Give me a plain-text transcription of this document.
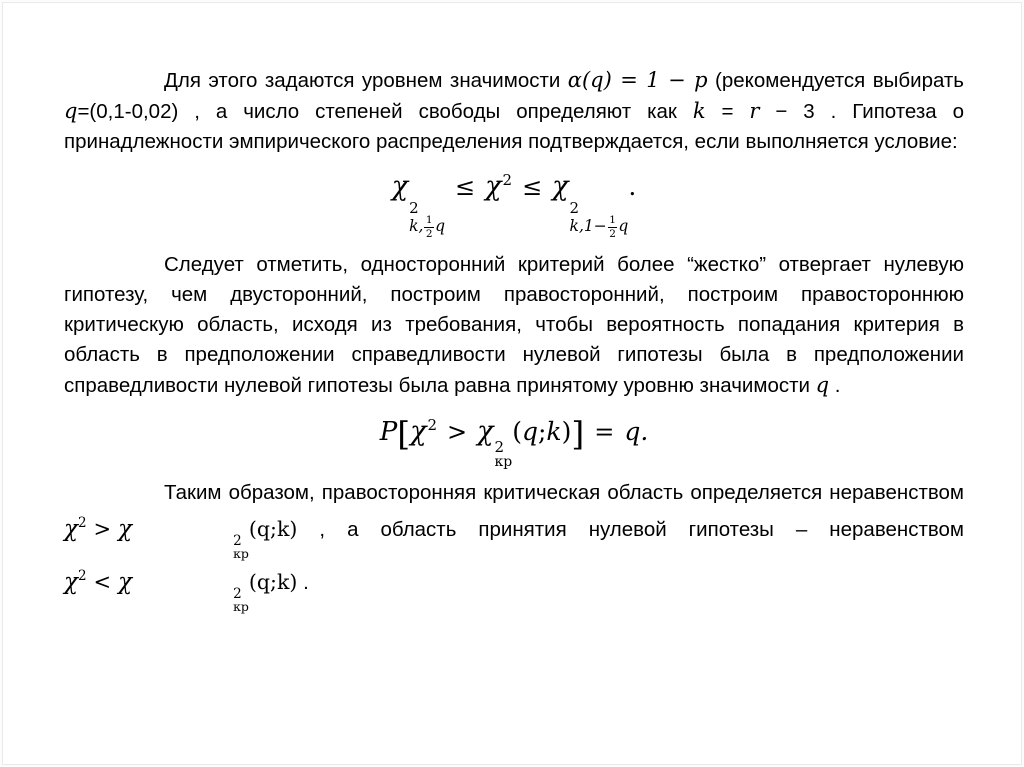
Для этого задаются уровнем значимости α(q) = 1 − p (рекомендуется выбирать q=(0,1-0,02) , а число степеней свободы определяют как k = r − 3 . Гипотеза о принадлежности эмпирического распределения подтверждается, если выполняется условие:

χ
2
k, $\frac{1}{2}$ q
≤ $\chi^2 \le \chi$
2
$k,1- \frac{1}{2}$ q
.

Следует отметить, односторонний критерий более “жестко” отвергает нулевую гипотезу, чем двусторонний, построим правосторонний, построим правостороннюю критическую область, исходя из требования, чтобы вероятность попадания критерия в область в предположении справедливости нулевой гипотезы была в предположении справедливости нулевой гипотезы была равна принятому уровню значимости q .

$P[\chi^2 > \chi$ 2
кр
(q;k)] = q.

Таким образом, правосторонняя критическая область определяется неравенством $\chi^2 > \chi$	2
кр
(q;k) , а область принятия нулевой гипотезы – неравенством $\chi^2 < \chi$	2
кр
(q;k) .
